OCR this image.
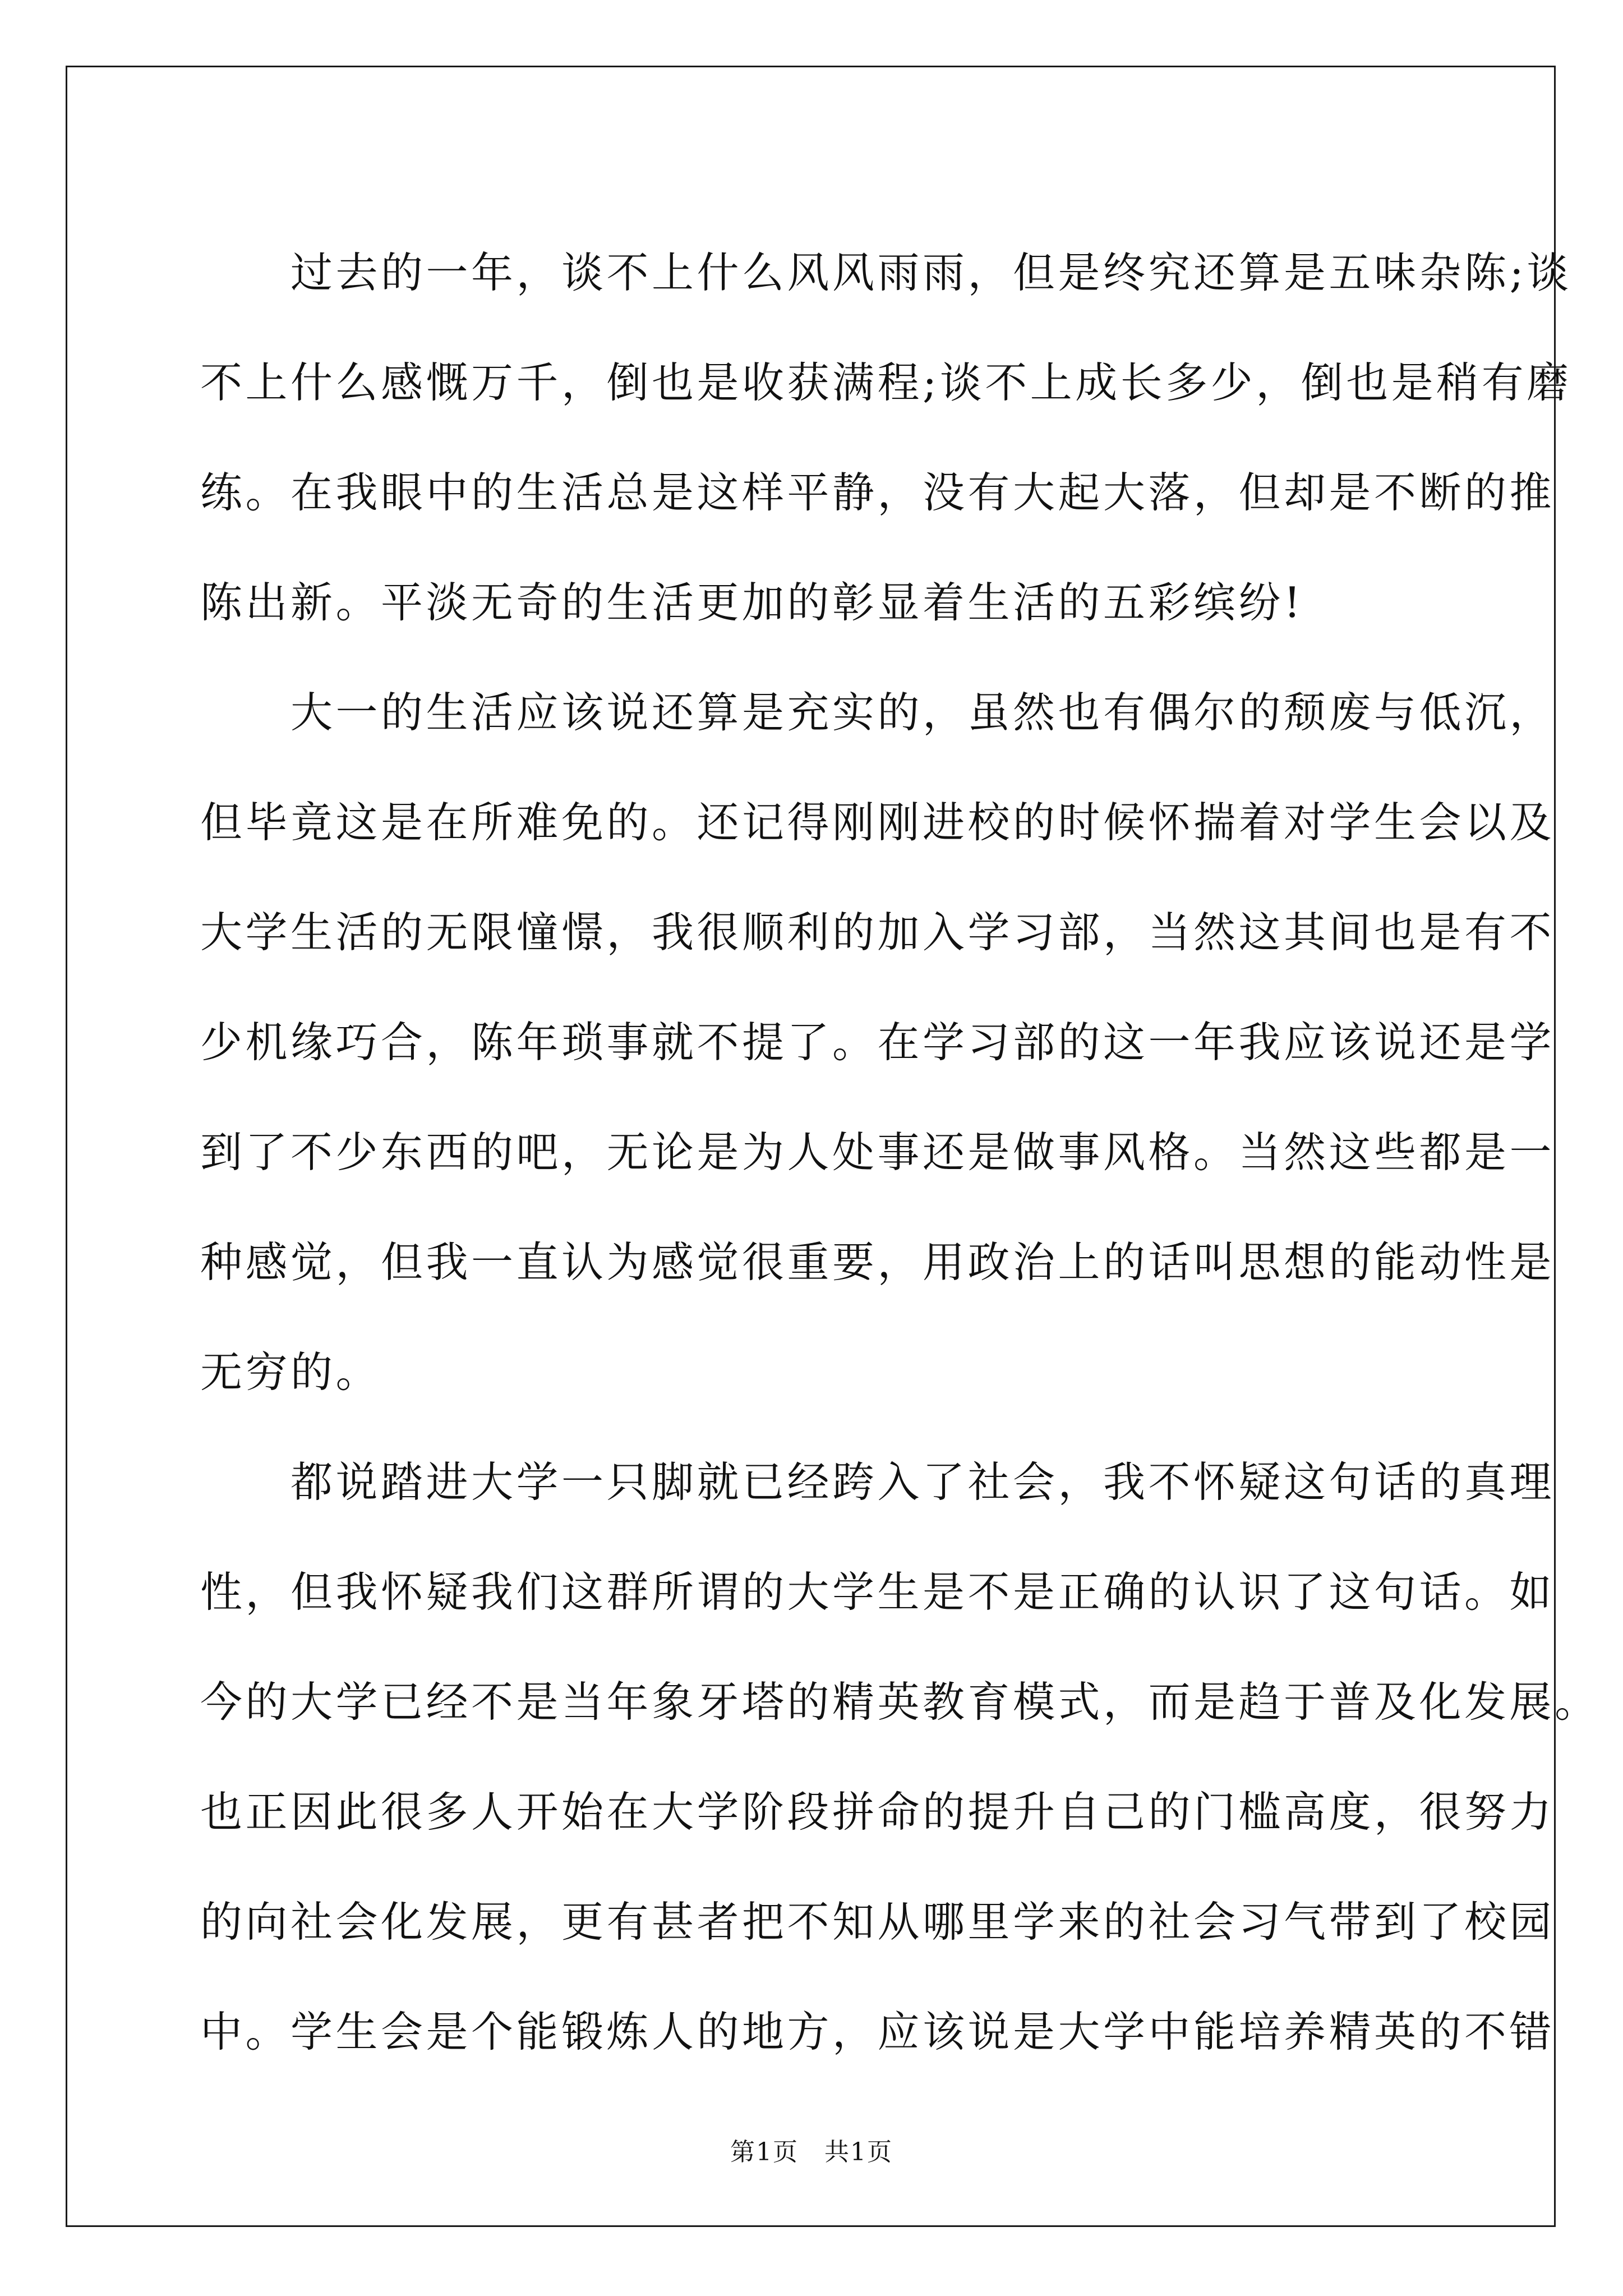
　　过去的一年，谈不上什么风风雨雨，但是终究还算是五味杂陈;谈
不上什么感慨万千，倒也是收获满程;谈不上成长多少，倒也是稍有磨
练。在我眼中的生活总是这样平静，没有大起大落，但却是不断的推
陈出新。平淡无奇的生活更加的彰显着生活的五彩缤纷!
　　大一的生活应该说还算是充实的，虽然也有偶尔的颓废与低沉，
但毕竟这是在所难免的。还记得刚刚进校的时候怀揣着对学生会以及
大学生活的无限憧憬，我很顺利的加入学习部，当然这其间也是有不
少机缘巧合，陈年琐事就不提了。在学习部的这一年我应该说还是学
到了不少东西的吧，无论是为人处事还是做事风格。当然这些都是一
种感觉，但我一直认为感觉很重要，用政治上的话叫思想的能动性是
无穷的。
　　都说踏进大学一只脚就已经跨入了社会，我不怀疑这句话的真理
性，但我怀疑我们这群所谓的大学生是不是正确的认识了这句话。如
今的大学已经不是当年象牙塔的精英教育模式，而是趋于普及化发展。
也正因此很多人开始在大学阶段拼命的提升自己的门槛高度，很努力
的向社会化发展，更有甚者把不知从哪里学来的社会习气带到了校园
中。学生会是个能锻炼人的地方，应该说是大学中能培养精英的不错
第1页　共1页
